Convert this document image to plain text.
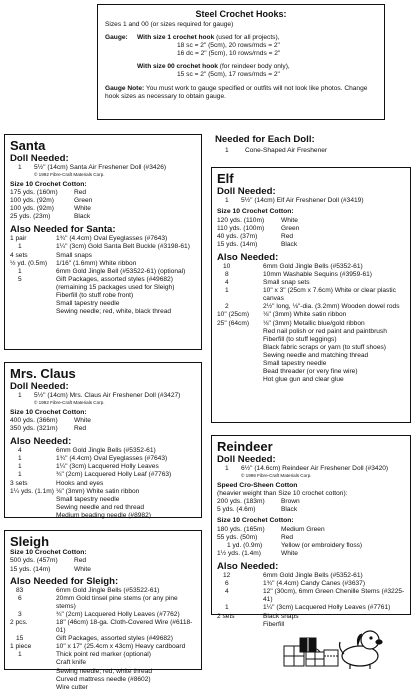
Steel Crochet Hooks:
Sizes 1 and 00 (or sizes required for gauge)
Gauge:	With size 1 crochet hook (used for all projects),
18 sc = 2" (5cm), 20 rows/rnds = 2"
16 dc = 2" (5cm), 10 rows/rnds = 2"
With size 00 crochet hook (for reindeer body only),
15 sc = 2" (5cm), 17 rows/rnds = 2"
Gauge Note: You must work to gauge specified or outfits will not look like photos. Change hook sizes as necessary to obtain gauge.
Santa
Doll Needed:
1	5½" (14cm) Santa Air Freshener Doll (#3426)
© 1992 Fibre-Craft Materials Corp.
Size 10 Crochet Cotton:
175 yds. (160m)	Red
100 yds. (92m)	Green
100 yds. (92m)	White
25 yds. (23m)	Black
Also Needed for Santa:
1 pair	1¾" (4.4cm) Oval Eyeglasses (#7643)
1	1¼" (3cm) Gold Santa Belt Buckle (#3198-61)
4 sets	Small snaps
½ yd. (0.5m)	1/16" (1.6mm) White ribbon
1	6mm Gold Jingle Bell (#53522-61) (optional)
5	Gift Packages, assorted styles (#49682) (remaining 15 packages used for Sleigh)
Fiberfill (to stuff robe front)
Small tapestry needle
Sewing needle; red, white, black thread
Needed for Each Doll:
1	Cone-Shaped Air Freshener
Elf
Doll Needed:
1	5½" (14cm) Elf Air Freshener Doll (#3419)
Size 10 Crochet Cotton:
120 yds. (110m)	White
110 yds. (100m)	Green
40 yds. (37m)	Red
15 yds. (14m)	Black
Also Needed:
10	6mm Gold Jingle Bells (#5352-61)
8	10mm Washable Sequins (#3959-61)
4	Small snap sets
1	10" x 3" (25cm x 7.6cm) White or clear plastic canvas
2	2½" long, ⅛"-dia. (3.2mm) Wooden dowel rods
10" (25cm)	⅛" (3mm) White satin ribbon
25" (64cm)	⅛" (3mm) Metallic blue/gold ribbon
Red nail polish or red paint and paintbrush
Fiberfill (to stuff leggings)
Black fabric scraps or yarn (to stuff shoes)
Sewing needle and matching thread
Small tapestry needle
Bead threader (or very fine wire)
Hot glue gun and clear glue
Mrs. Claus
Doll Needed:
1	5½" (14cm) Mrs. Claus Air Freshener Doll (#3427)
© 1992 Fibre-Craft Materials Corp.
Size 10 Crochet Cotton:
400 yds. (366m)	White
350 yds. (321m)	Red
Also Needed:
4	6mm Gold Jingle Bells (#5352-61)
1	1¾" (4.4cm) Oval Eyeglasses (#7643)
1	1¼" (3cm) Lacquered Holly Leaves
1	¾" (2cm) Lacquered Holly Leaf (#7763)
3 sets	Hooks and eyes
1¼ yds. (1.1m) ⅛" (3mm) White satin ribbon
Small tapestry needle
Sewing needle and red thread
Medium beading needle (#8982)
Reindeer
Doll Needed:
1	6½" (14.6cm) Reindeer Air Freshener Doll (#3420)
© 1996 Fibre-Craft Materials Corp.
Speed Cro-Sheen Cotton
(heavier weight than Size 10 crochet cotton):
200 yds. (183m)	Brown
5 yds. (4.6m)	Black
Size 10 Crochet Cotton:
180 yds. (165m)	Medium Green
55 yds. (50m)	Red
1 yd. (0.9m)	Yellow (or embroidery floss)
1½ yds. (1.4m)	White
Also Needed:
12	6mm Gold Jingle Bells (#5352-61)
6	1¾" (4.4cm) Candy Canes (#3637)
4	12" (30cm), 6mm Green Chenille Stems (#3225-41)
1	1¼" (3cm) Lacquered Holly Leaves (#7761)
2 sets	Black snaps
Fiberfill
Sleigh
Size 10 Crochet Cotton:
500 yds. (457m)	Red
15 yds. (14m)	White
Also Needed for Sleigh:
83	6mm Gold Jingle Bells (#53522-61)
6	20mm Gold tinsel pine stems (or any pine stems)
3	¾" (2cm) Lacquered Holly Leaves (#7762)
2 pcs.	18" (46cm) 18-ga. Cloth-Covered Wire (#6118-01)
15	Gift Packages, assorted styles (#49682)
1 piece	10" x 17" (25.4cm x 43cm) Heavy cardboard
1	Thick point red marker (optional)
Craft knife
Sewing needle; red, white thread
Curved mattress needle (#8602)
Wire cutter
